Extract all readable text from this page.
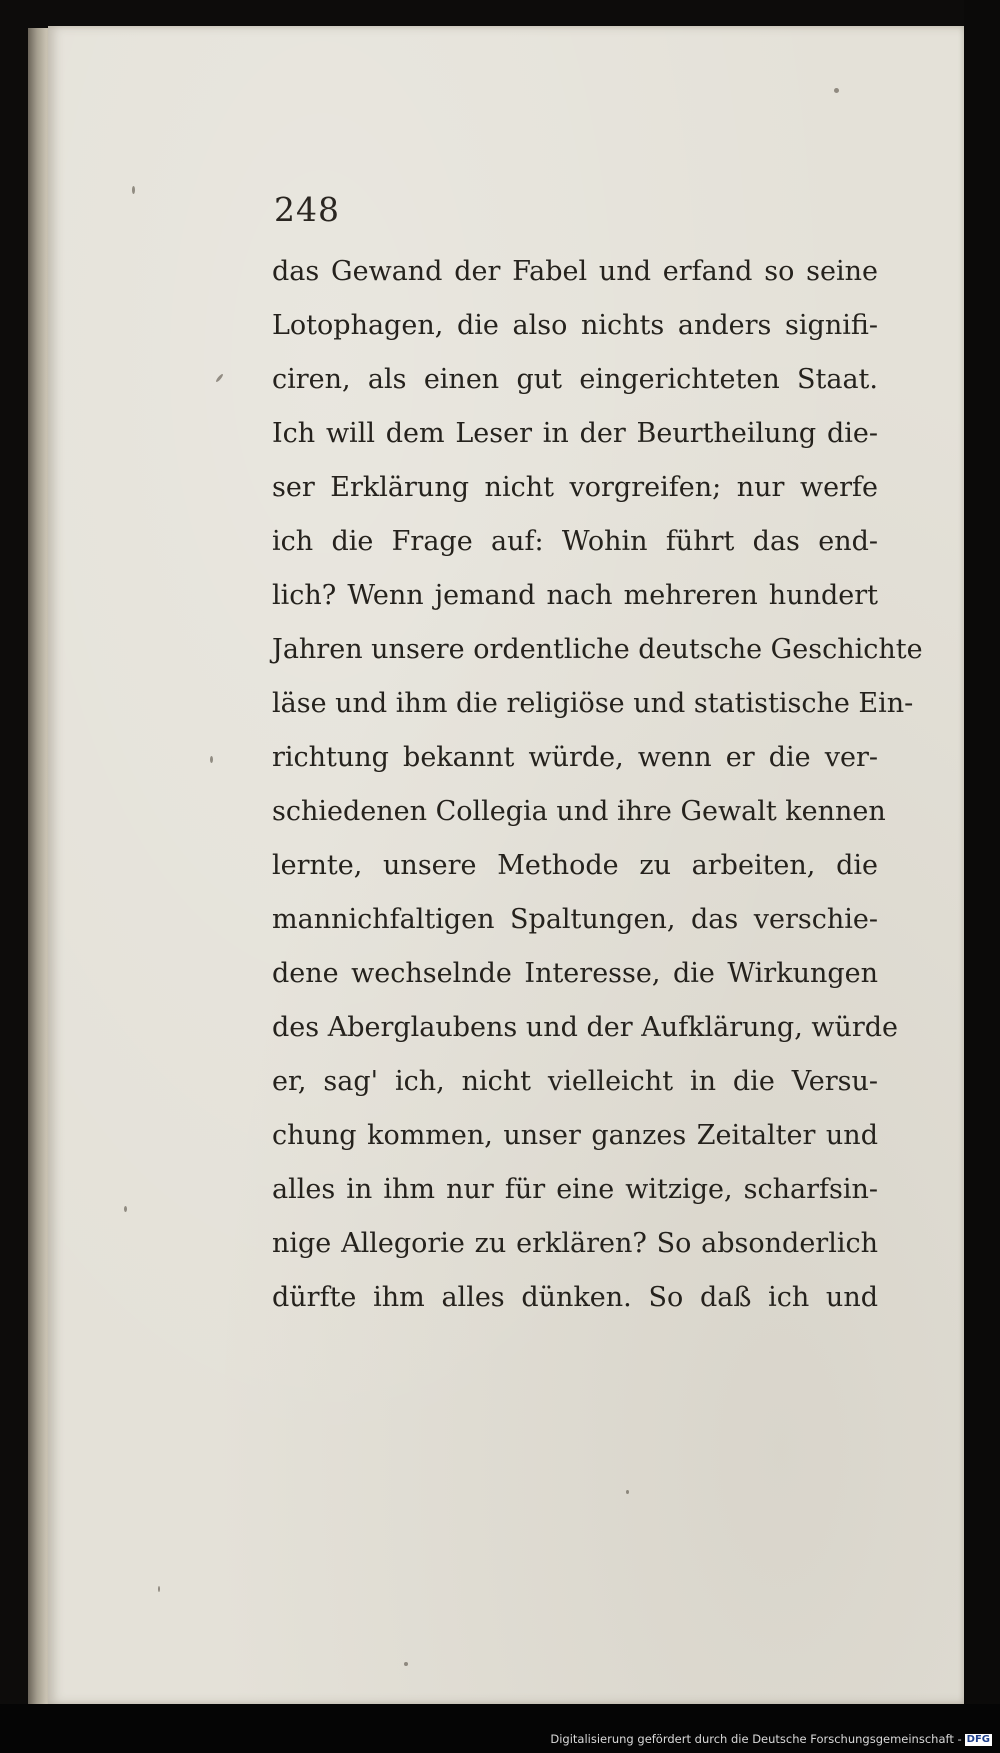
248
das Gewand der Fabel und erfand so seine
Lotophagen, die also nichts anders signifi-
ciren, als einen gut eingerichteten Staat.
Ich will dem Leser in der Beurtheilung die-
ser Erklärung nicht vorgreifen; nur werfe
ich die Frage auf: Wohin führt das end-
lich? Wenn jemand nach mehreren hundert
Jahren unsere ordentliche deutsche Geschichte
läse und ihm die religiöse und statistische Ein-
richtung bekannt würde, wenn er die ver-
schiedenen Collegia und ihre Gewalt kennen
lernte, unsere Methode zu arbeiten, die
mannichfaltigen Spaltungen, das verschie-
dene wechselnde Interesse, die Wirkungen
des Aberglaubens und der Aufklärung, würde
er, sag' ich, nicht vielleicht in die Versu-
chung kommen, unser ganzes Zeitalter und
alles in ihm nur für eine witzige, scharfsin-
nige Allegorie zu erklären? So absonderlich
dürfte ihm alles dünken. So daß ich und
Digitalisierung gefördert durch die Deutsche Forschungsgemeinschaft - DFG
